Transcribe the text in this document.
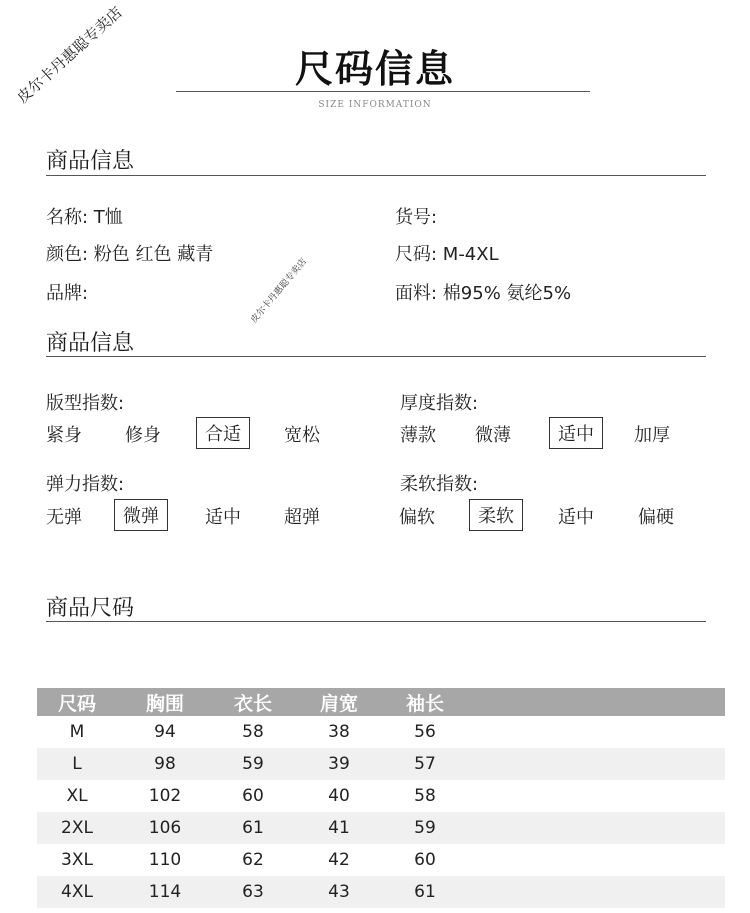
皮尔卡丹惠聪专卖店
皮尔卡丹惠聪专卖店
尺码信息
SIZE INFORMATION
商品信息
名称: T恤	货号:
颜色: 粉色 红色 藏青	尺码: M-4XL
品牌:	面料: 棉95% 氨纶5%
商品信息
版型指数:
紧身	修身	合适	宽松
厚度指数:
薄款	微薄	适中	加厚
弹力指数:
无弹	微弹	适中	超弹
柔软指数:
偏软	柔软	适中	偏硬
商品尺码
尺码	胸围	衣长	肩宽	袖长
M	94	58	38	56
L	98	59	39	57
XL	102	60	40	58
2XL	106	61	41	59
3XL	110	62	42	60
4XL	114	63	43	61
